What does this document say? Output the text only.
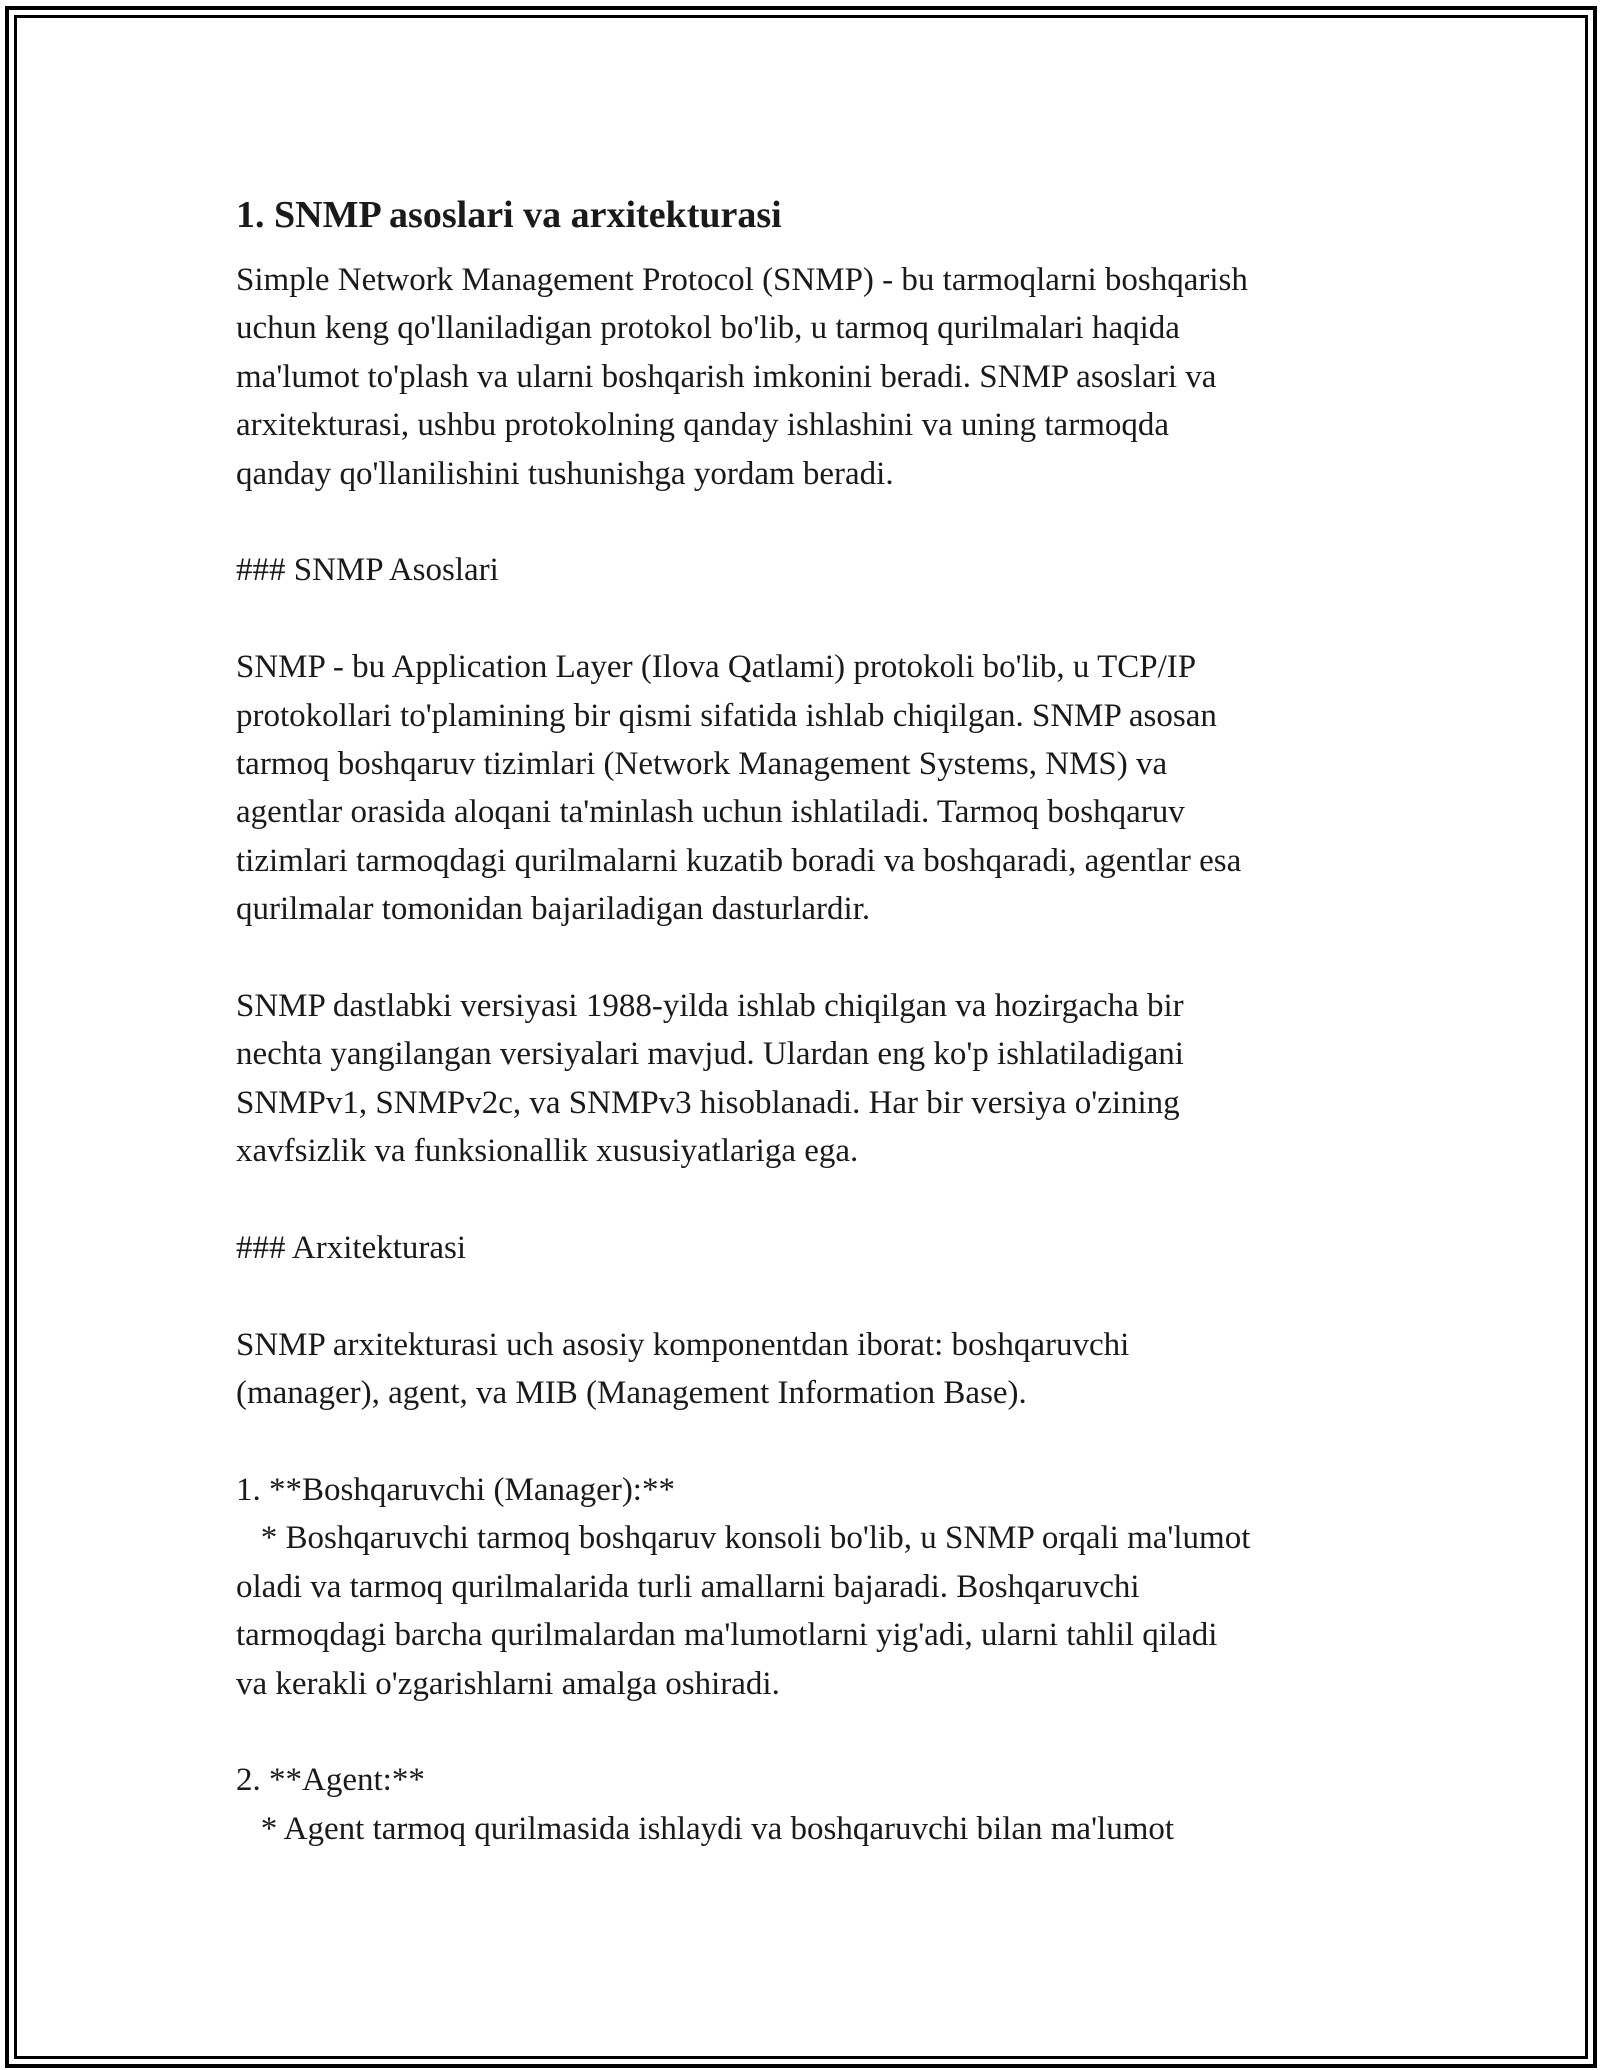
1. SNMP asoslari va arxitekturasi
Simple Network Management Protocol (SNMP) - bu tarmoqlarni boshqarish
uchun keng qo'llaniladigan protokol bo'lib, u tarmoq qurilmalari haqida
ma'lumot to'plash va ularni boshqarish imkonini beradi. SNMP asoslari va
arxitekturasi, ushbu protokolning qanday ishlashini va uning tarmoqda
qanday qo'llanilishini tushunishga yordam beradi.
### SNMP Asoslari
SNMP - bu Application Layer (Ilova Qatlami) protokoli bo'lib, u TCP/IP
protokollari to'plamining bir qismi sifatida ishlab chiqilgan. SNMP asosan
tarmoq boshqaruv tizimlari (Network Management Systems, NMS) va
agentlar orasida aloqani ta'minlash uchun ishlatiladi. Tarmoq boshqaruv
tizimlari tarmoqdagi qurilmalarni kuzatib boradi va boshqaradi, agentlar esa
qurilmalar tomonidan bajariladigan dasturlardir.
SNMP dastlabki versiyasi 1988-yilda ishlab chiqilgan va hozirgacha bir
nechta yangilangan versiyalari mavjud. Ulardan eng ko'p ishlatiladigani
SNMPv1, SNMPv2c, va SNMPv3 hisoblanadi. Har bir versiya o'zining
xavfsizlik va funksionallik xususiyatlariga ega.
### Arxitekturasi
SNMP arxitekturasi uch asosiy komponentdan iborat: boshqaruvchi
(manager), agent, va MIB (Management Information Base).
1. **Boshqaruvchi (Manager):**
* Boshqaruvchi tarmoq boshqaruv konsoli bo'lib, u SNMP orqali ma'lumot
oladi va tarmoq qurilmalarida turli amallarni bajaradi. Boshqaruvchi
tarmoqdagi barcha qurilmalardan ma'lumotlarni yig'adi, ularni tahlil qiladi
va kerakli o'zgarishlarni amalga oshiradi.
2. **Agent:**
* Agent tarmoq qurilmasida ishlaydi va boshqaruvchi bilan ma'lumot
